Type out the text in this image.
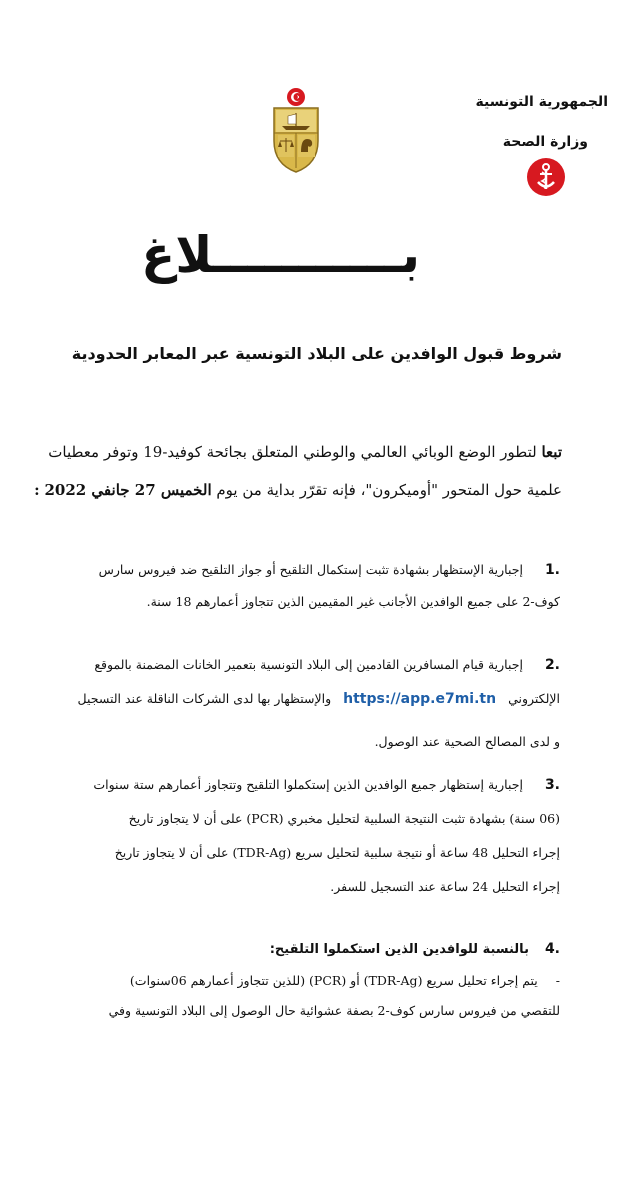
الجمهورية التونسية
وزارة الصحة
بـــــــــــلاغ
شروط قبول الوافدين على البلاد التونسية عبر المعابر الحدودية
تبعا لتطور الوضع الوبائي العالمي والوطني المتعلق بجائحة كوفيد-19 وتوفر معطيات
علمية حول المتحور "أوميكرون"، فإنه تقرّر بداية من يوم الخميس 27 جانفي 2022 :
1. إجبارية الإستظهار بشهادة تثبت إستكمال التلقيح أو جواز التلقيح ضد فيروس سارس
كوف-2 على جميع الوافدين الأجانب غير المقيمين الذين تتجاوز أعمارهم 18 سنة.
2. إجبارية قيام المسافرين القادمين إلى البلاد التونسية بتعمير الخانات المضمنة بالموقع
الإلكتروني https://app.e7mi.tn والإستظهار بها لدى الشركات الناقلة عند التسجيل
و لدى المصالح الصحية عند الوصول.
3. إجبارية إستظهار جميع الوافدين الذين إستكملوا التلقيح وتتجاوز أعمارهم ستة سنوات
(06 سنة) بشهادة تثبت النتيجة السلبية لتحليل مخبري (PCR) على أن لا يتجاوز تاريخ
إجراء التحليل 48 ساعة أو نتيجة سلبية لتحليل سريع (TDR-Ag) على أن لا يتجاوز تاريخ
إجراء التحليل 24 ساعة عند التسجيل للسفر.
4. بالنسبة للوافدين الذين استكملوا التلقيح:
- يتم إجراء تحليل سريع (TDR-Ag) أو (PCR) (للذين تتجاوز أعمارهم 06سنوات)
للتقصي من فيروس سارس كوف-2 بصفة عشوائية حال الوصول إلى البلاد التونسية وفي
